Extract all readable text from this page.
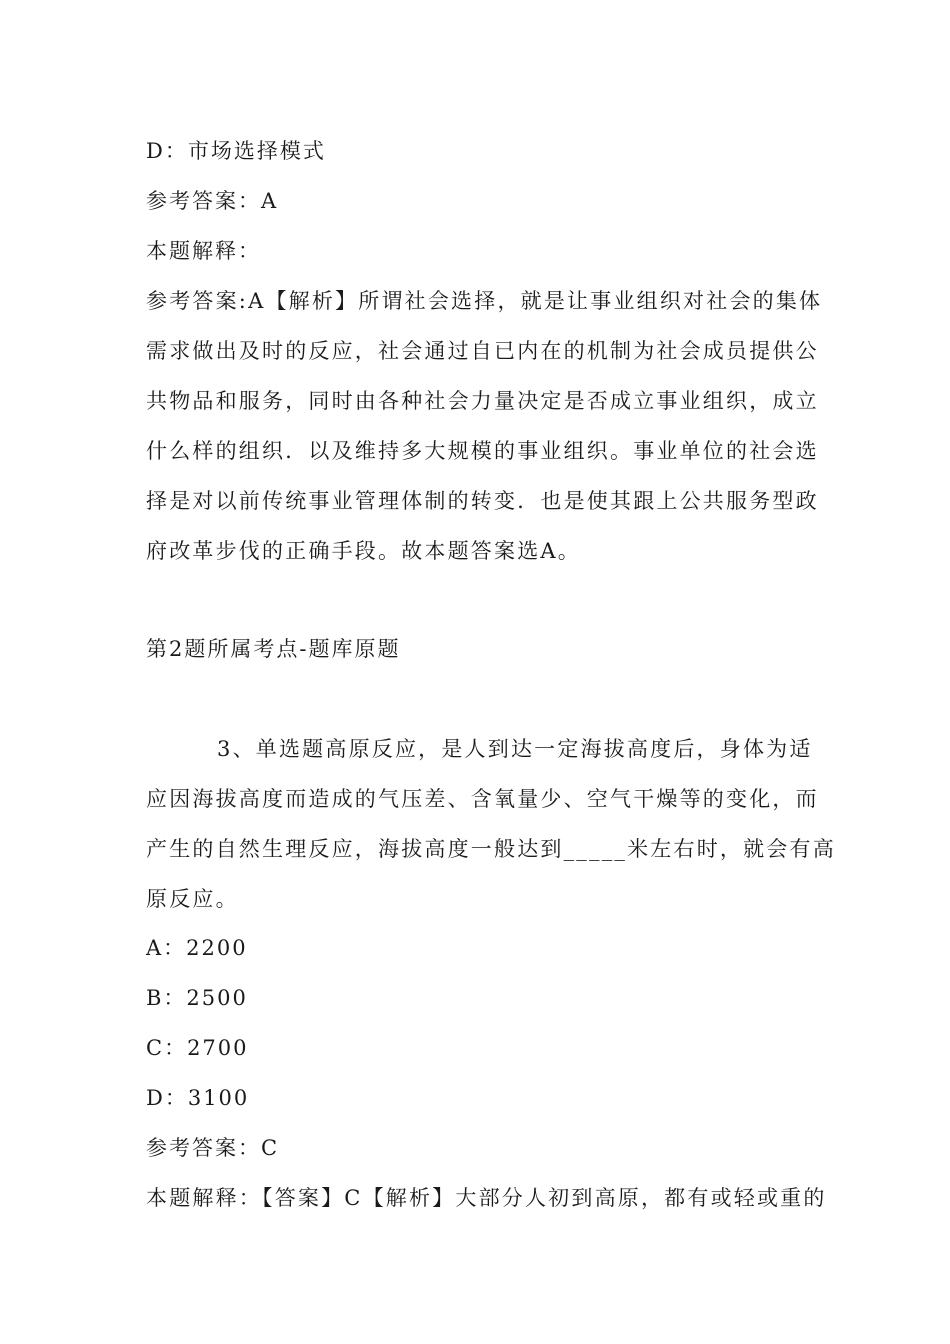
D：市场选择模式
参考答案：A
本题解释：
参考答案:A【解析】所谓社会选择，就是让事业组织对社会的集体
需求做出及时的反应，社会通过自已内在的机制为社会成员提供公
共物品和服务，同时由各种社会力量决定是否成立事业组织，成立
什么样的组织．以及维持多大规模的事业组织。事业单位的社会选
择是对以前传统事业管理体制的转变．也是使其跟上公共服务型政
府改革步伐的正确手段。故本题答案选A。
第2题所属考点-题库原题
3、单选题高原反应，是人到达一定海拔高度后，身体为适
应因海拔高度而造成的气压差、含氧量少、空气干燥等的变化，而
产生的自然生理反应，海拔高度一般达到_____米左右时，就会有高
原反应。
A：2200
B：2500
C：2700
D：3100
参考答案：C
本题解释：【答案】C【解析】大部分人初到高原，都有或轻或重的
